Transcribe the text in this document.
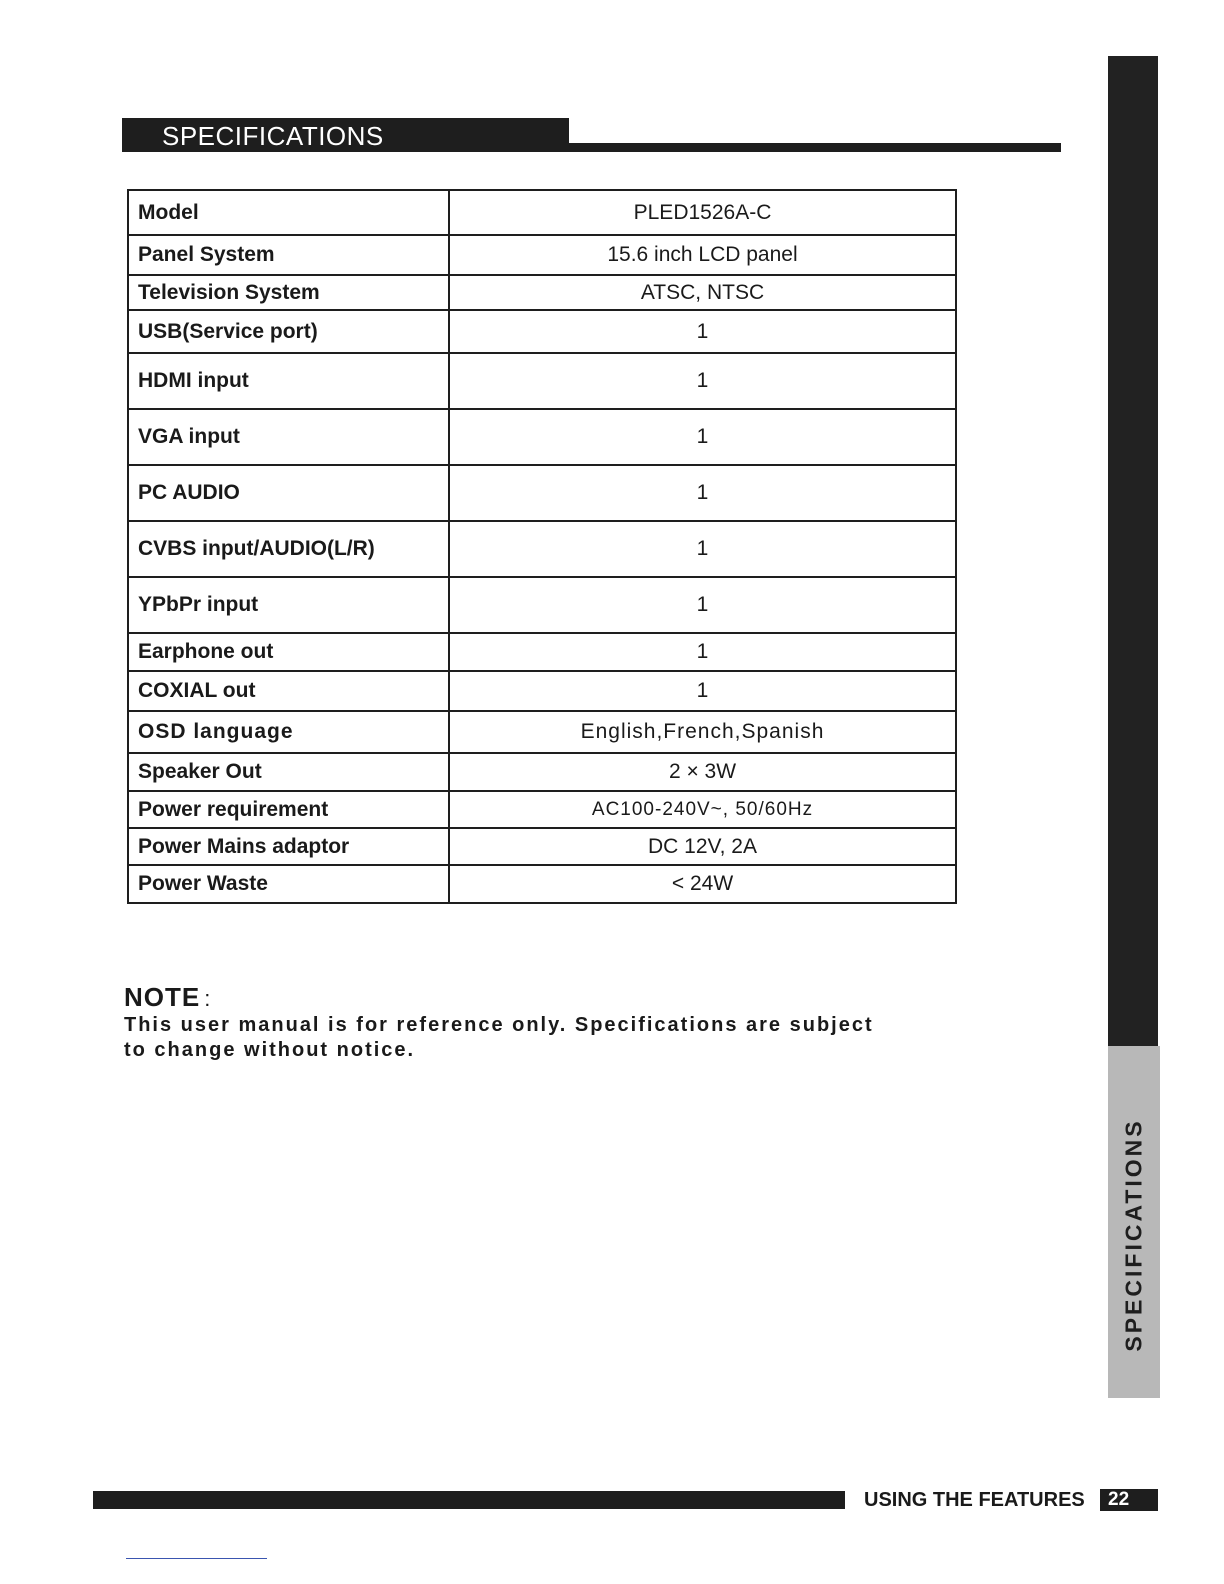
SPECIFICATIONS
SPECIFICATIONS
Model	PLED1526A-C
Panel System	15.6 inch LCD panel
Television System	ATSC, NTSC
USB(Service port)	1
HDMI input	1
VGA input	1
PC AUDIO	1
CVBS input/AUDIO(L/R)	1
YPbPr input	1
Earphone out	1
COXIAL out	1
OSD language	English,French,Spanish
Speaker Out	2 × 3W
Power requirement	AC100-240V~, 50/60Hz
Power Mains adaptor	DC 12V, 2A
Power Waste	< 24W
NOTE :
This user manual is for reference only. Specifications are subject
to change without notice.
USING THE FEATURES 22
